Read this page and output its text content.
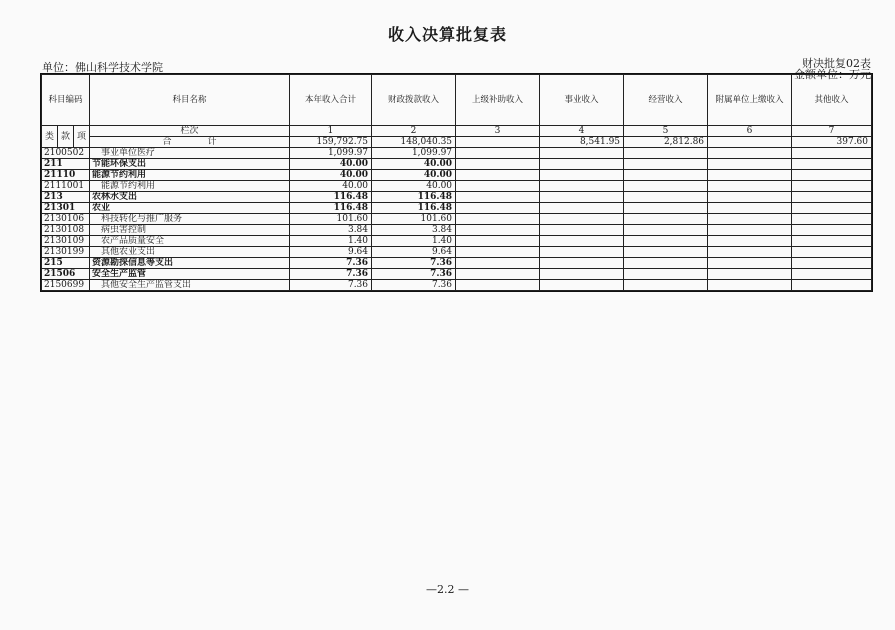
收入决算批复表
单位：佛山科学技术学院	财决批复02表
金额单位：万元
科目编码			科目名称	本年收入合计	财政拨款收入	上级补助收入	事业收入	经营收入	附属单位上缴收入	其他收入
类	款	项	栏次	1	2	3	4	5	6	7
			合　　　　计	159,792.75	148,040.35		8,541.95	2,812.86		397.60
2100502			　事业单位医疗	1,099.97	1,099.97					
211			节能环保支出	40.00	40.00					
21110			能源节约利用	40.00	40.00					
2111001			　能源节约利用	40.00	40.00					
213			农林水支出	116.48	116.48					
21301			农业	116.48	116.48					
2130106			　科技转化与推广服务	101.60	101.60					
2130108			　病虫害控制	3.84	3.84					
2130109			　农产品质量安全	1.40	1.40					
2130199			　其他农业支出	9.64	9.64					
215			资源勘探信息等支出	7.36	7.36					
21506			安全生产监管	7.36	7.36					
2150699			　其他安全生产监管支出	7.36	7.36					
—2.2 —
